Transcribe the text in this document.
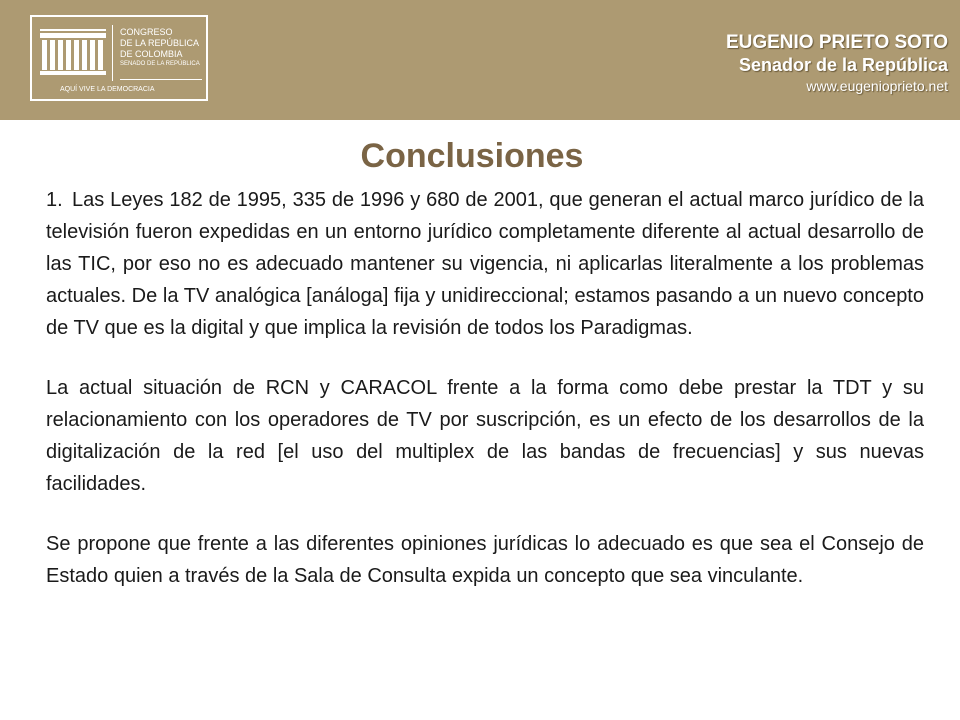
CONGRESO
DE LA REPÚBLICA
DE COLOMBIA
SENADO DE LA REPÚBLICA
AQUÍ VIVE LA DEMOCRACIA
EUGENIO PRIETO SOTO
Senador de la República
www.eugenioprieto.net
Conclusiones

1. Las Leyes 182 de 1995, 335 de 1996 y 680 de 2001, que generan el actual marco jurídico de la televisión fueron expedidas en un entorno jurídico completamente diferente al actual desarrollo de las TIC, por eso no es adecuado mantener su vigencia, ni aplicarlas literalmente a los problemas actuales. De la TV analógica [análoga] fija y unidireccional; estamos pasando a un nuevo concepto de TV que es la digital y que implica la revisión de todos los Paradigmas.

La actual situación de RCN y CARACOL frente a la forma como debe prestar la TDT y su relacionamiento con los operadores de TV por suscripción, es un efecto de los desarrollos de la digitalización de la red [el uso del multiplex de las bandas de frecuencias] y sus nuevas facilidades.

Se propone que frente a las diferentes opiniones jurídicas lo adecuado es que sea el Consejo de Estado quien a través de la Sala de Consulta expida un concepto que sea vinculante.
